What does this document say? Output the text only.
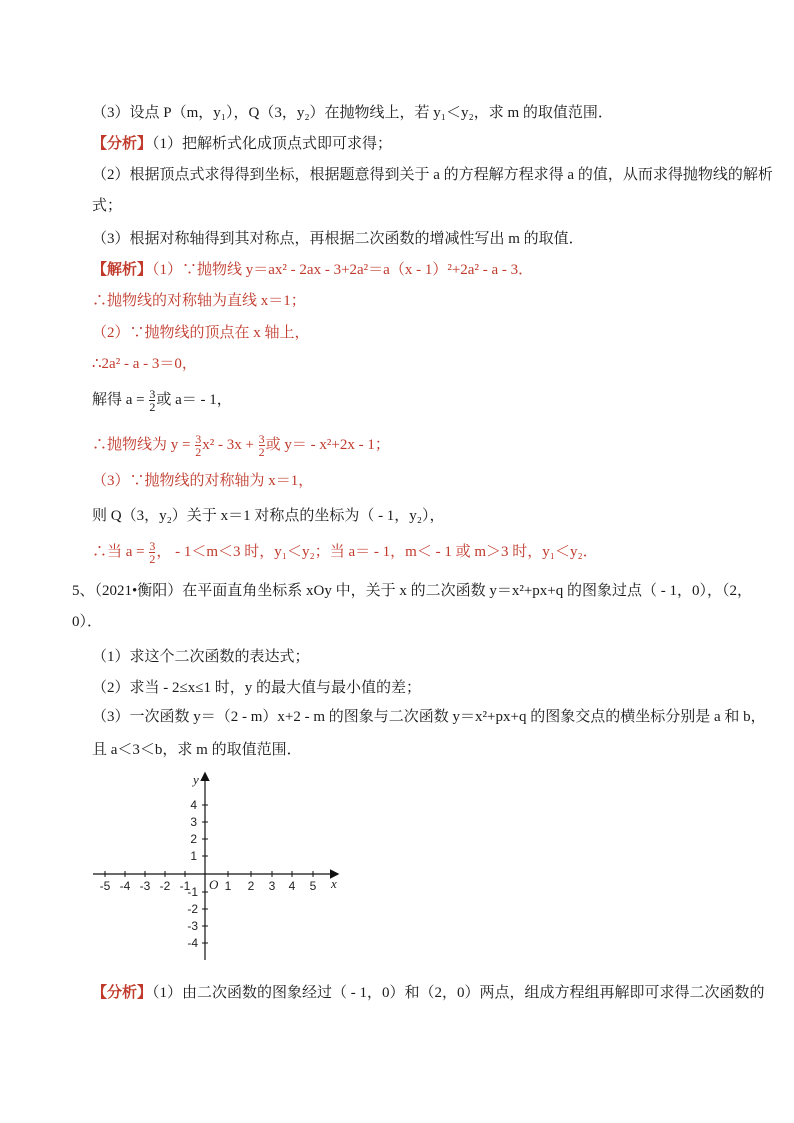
（3）设点 P（m，y₁），Q（3，y₂）在抛物线上，若 y₁＜y₂，求 m 的取值范围．
【分析】（1）把解析式化成顶点式即可求得；
（2）根据顶点式求得得到坐标，根据题意得到关于 a 的方程解方程求得 a 的值，从而求得抛物线的解析
式；
（3）根据对称轴得到其对称点，再根据二次函数的增减性写出 m 的取值．
【解析】（1）∵抛物线 y＝ax² - 2ax - 3+2a²＝a（x - 1）²+2a² - a - 3．
∴抛物线的对称轴为直线 x＝1；
（2）∵抛物线的顶点在 x 轴上，
∴2a² - a - 3＝0，
解得 $a = \frac{3}{2}$ 或 a＝ - 1，
∴抛物线为 $y = \frac{3}{2} x^2 - 3x + \frac{3}{2}$ 或 y＝ - x²+2x - 1；
（3）∵抛物线的对称轴为 x＝1，
则 Q（3，y₂）关于 x＝1 对称点的坐标为（ - 1，y₂），
∴当 $a = \frac{3}{2}$ ， - 1＜m＜3 时，y₁＜y₂；当 a＝ - 1，m＜ - 1 或 m＞3 时，y₁＜y₂．
5、（2021•衡阳）在平面直角坐标系 xOy 中，关于 x 的二次函数 y＝x²+px+q 的图象过点（ - 1，0），（2，
0）．
（1）求这个二次函数的表达式；
（2）求当 - 2≤x≤1 时，y 的最大值与最小值的差；
（3）一次函数 y＝（2 - m）x+2 - m 的图象与二次函数 y＝x²+px+q 的图象交点的横坐标分别是 a 和 b，
且 a＜3＜b，求 m 的取值范围．
-5 -4 -3 -2 -1	1 2 3 4 5
4
3
2
1
-1
-2
-3
-4
O	x
y
【分析】（1）由二次函数的图象经过（ - 1，0）和（2，0）两点，组成方程组再解即可求得二次函数的
